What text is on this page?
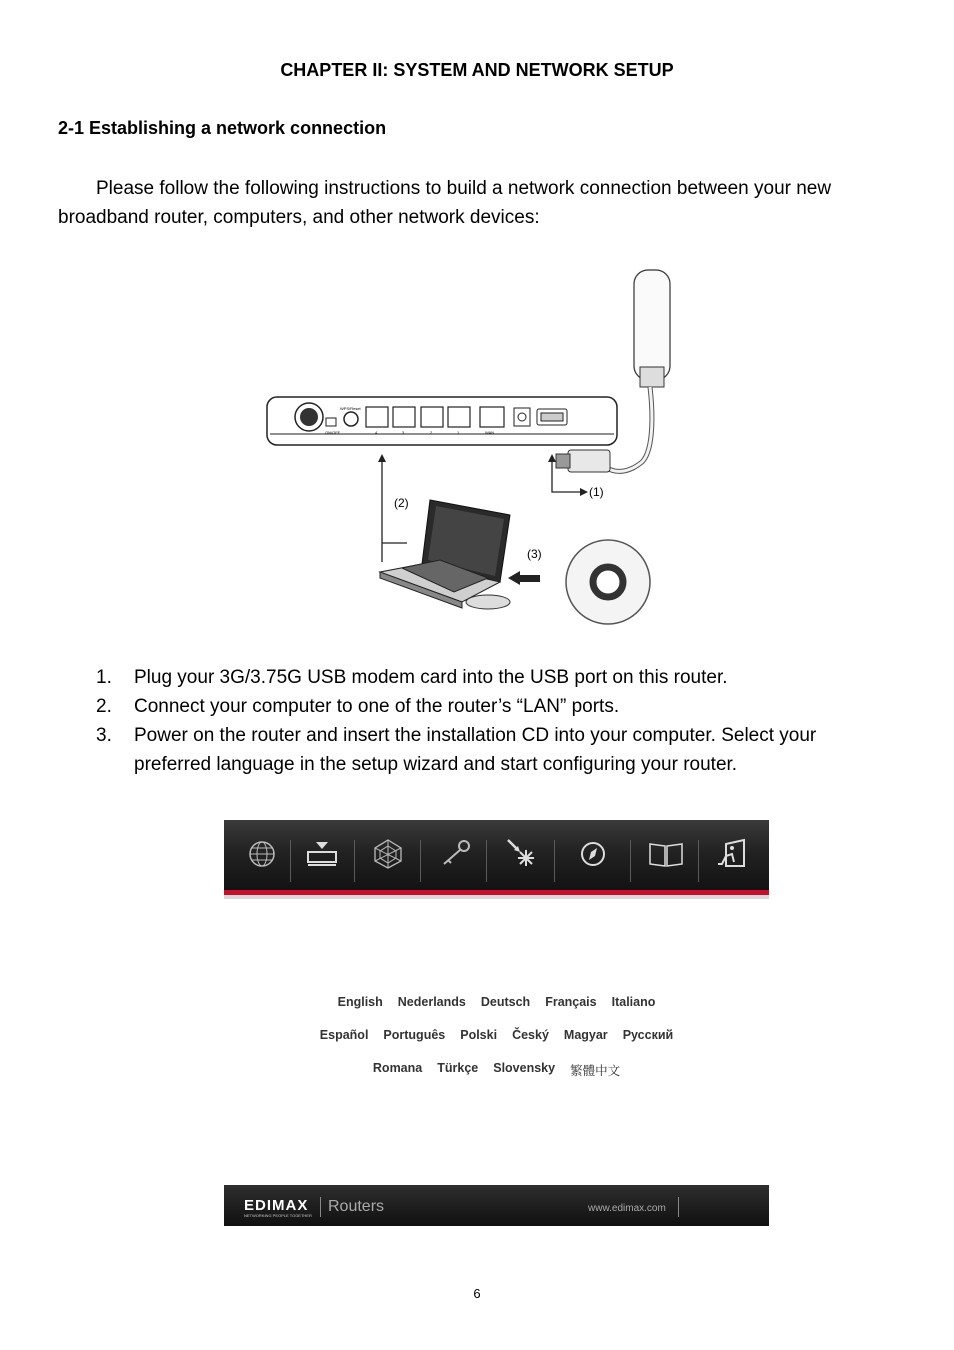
CHAPTER II: SYSTEM AND NETWORK SETUP
2-1 Establishing a network connection

Please follow the following instructions to build a network connection between your new broadband router, computers, and other network devices:

WPS/Reset
ON/OFF	4	3	2	1	WAN
(1)
(2)
(3)
1.	Plug your 3G/3.75G USB modem card into the USB port on this router.
2.	Connect your computer to one of the router’s “LAN” ports.
3.	Power on the router and insert the installation CD into your computer. Select your preferred language in the setup wizard and start configuring your router.
English Nederlands Deutsch Français Italiano
Español Português Polski Český Magyar Русский
Romana Türkçe Slovensky 繁體中文
EDIMAX
NETWORKING PEOPLE TOGETHER
Routers	www.edimax.com
6
